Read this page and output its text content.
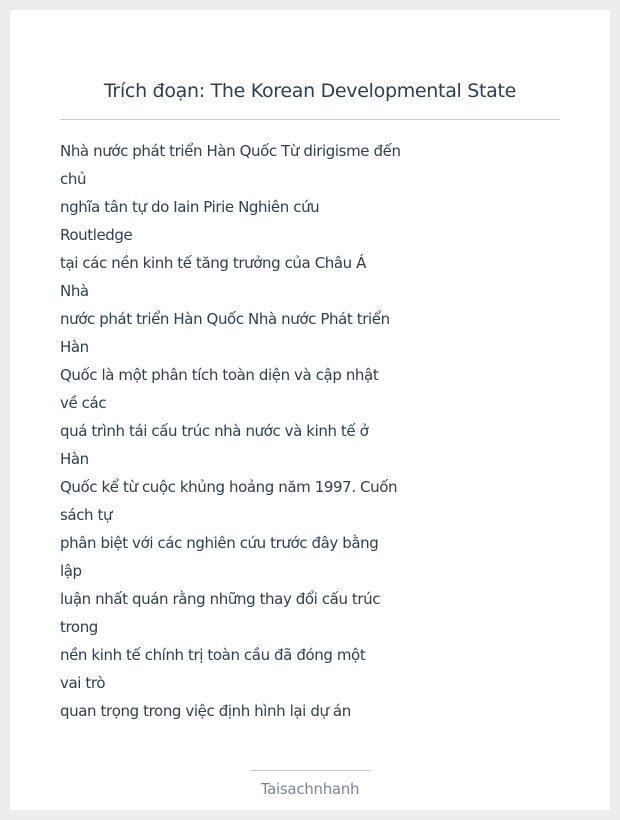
Trích đoạn: The Korean Developmental State
Nhà nước phát triển Hàn Quốc Từ dirigisme đến
chủ
nghĩa tân tự do Iain Pirie Nghiên cứu
Routledge
tại các nền kinh tế tăng trưởng của Châu Á
Nhà
nước phát triển Hàn Quốc Nhà nước Phát triển
Hàn
Quốc là một phân tích toàn diện và cập nhật
về các
quá trình tái cấu trúc nhà nước và kinh tế ở
Hàn
Quốc kể từ cuộc khủng hoảng năm 1997. Cuốn
sách tự
phân biệt với các nghiên cứu trước đây bằng
lập
luận nhất quán rằng những thay đổi cấu trúc
trong
nền kinh tế chính trị toàn cầu đã đóng một
vai trò
quan trọng trong việc định hình lại dự án
Taisachnhanh
